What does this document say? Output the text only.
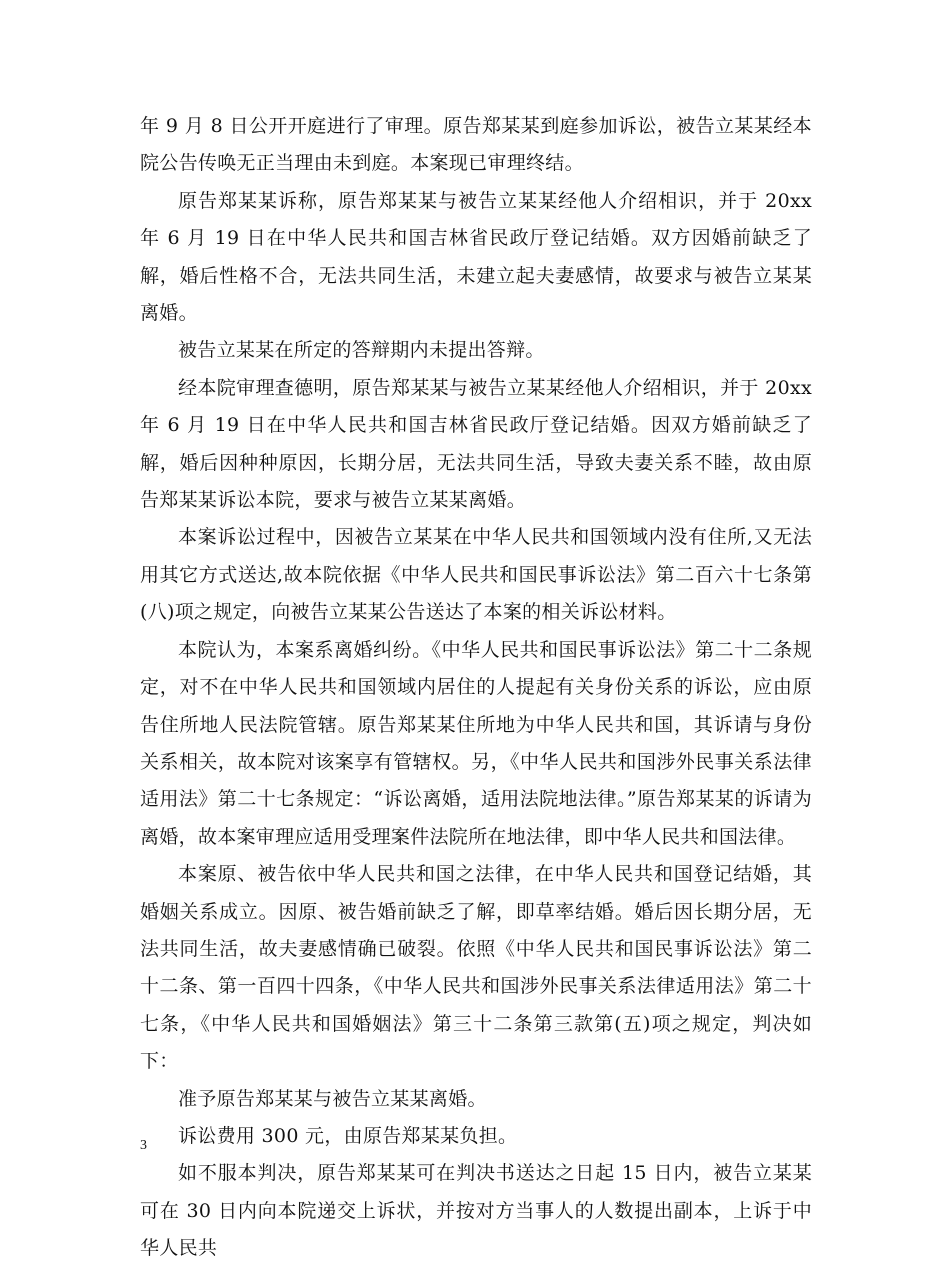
年 9 月 8 日公开开庭进行了审理。原告郑某某到庭参加诉讼，被告立某某经本院公告传唤无正当理由未到庭。本案现已审理终结。

原告郑某某诉称，原告郑某某与被告立某某经他人介绍相识，并于 20xx 年 6 月 19 日在中华人民共和国吉林省民政厅登记结婚。双方因婚前缺乏了解，婚后性格不合，无法共同生活，未建立起夫妻感情，故要求与被告立某某离婚。

被告立某某在所定的答辩期内未提出答辩。

经本院审理查德明，原告郑某某与被告立某某经他人介绍相识，并于 20xx 年 6 月 19 日在中华人民共和国吉林省民政厅登记结婚。因双方婚前缺乏了解，婚后因种种原因，长期分居，无法共同生活，导致夫妻关系不睦，故由原告郑某某诉讼本院，要求与被告立某某离婚。

本案诉讼过程中，因被告立某某在中华人民共和国领域内没有住所,又无法用其它方式送达,故本院依据《中华人民共和国民事诉讼法》第二百六十七条第(八)项之规定，向被告立某某公告送达了本案的相关诉讼材料。

本院认为，本案系离婚纠纷。《中华人民共和国民事诉讼法》第二十二条规定，对不在中华人民共和国领域内居住的人提起有关身份关系的诉讼，应由原告住所地人民法院管辖。原告郑某某住所地为中华人民共和国，其诉请与身份关系相关，故本院对该案享有管辖权。另，《中华人民共和国涉外民事关系法律适用法》第二十七条规定：“诉讼离婚，适用法院地法律。”原告郑某某的诉请为离婚，故本案审理应适用受理案件法院所在地法律，即中华人民共和国法律。

本案原、被告依中华人民共和国之法律，在中华人民共和国登记结婚，其婚姻关系成立。因原、被告婚前缺乏了解，即草率结婚。婚后因长期分居，无法共同生活，故夫妻感情确已破裂。依照《中华人民共和国民事诉讼法》第二十二条、第一百四十四条，《中华人民共和国涉外民事关系法律适用法》第二十七条，《中华人民共和国婚姻法》第三十二条第三款第(五)项之规定，判决如下：

准予原告郑某某与被告立某某离婚。

诉讼费用 300 元，由原告郑某某负担。

如不服本判决，原告郑某某可在判决书送达之日起 15 日内，被告立某某可在 30 日内向本院递交上诉状，并按对方当事人的人数提出副本，上诉于中华人民共

3
